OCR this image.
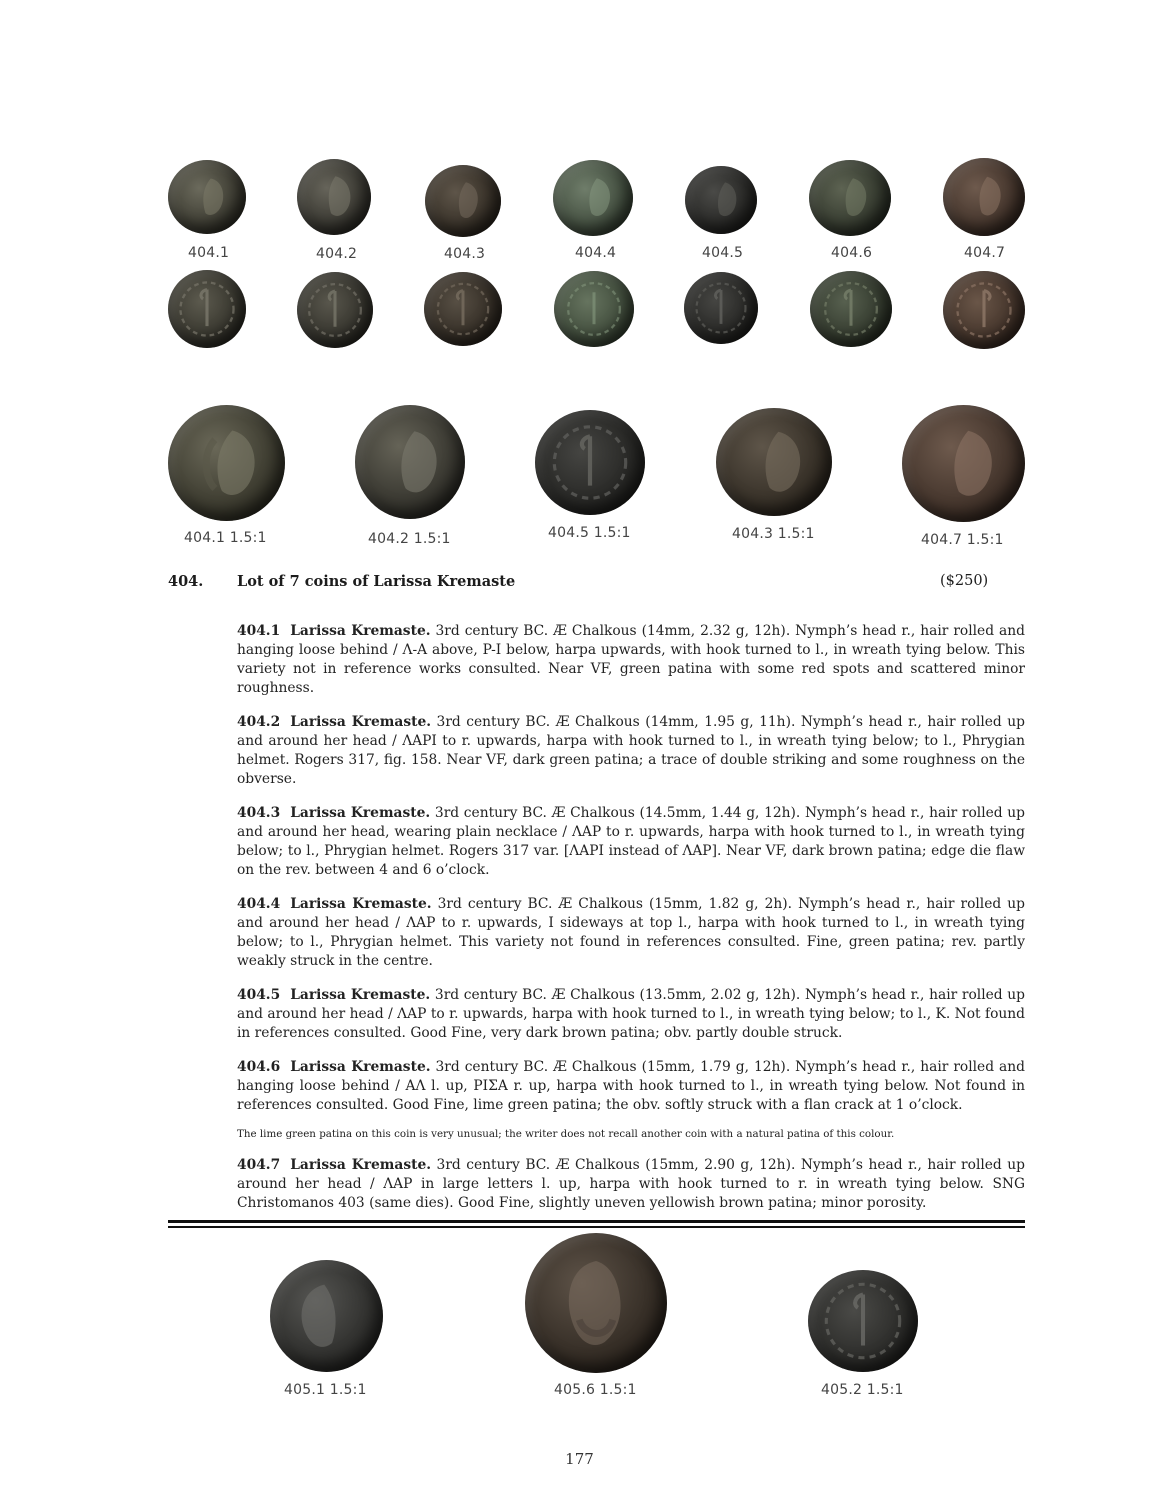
404.1	404.2	404.3	404.4	404.5	404.6	404.7
404.1 1.5:1	404.2 1.5:1	404.5 1.5:1	404.3 1.5:1	404.7 1.5:1
404. Lot of 7 coins of Larissa Kremaste	($250)

404.1 Larissa Kremaste. 3rd century BC. Æ Chalkous (14mm, 2.32 g, 12h). Nymph’s head r., hair rolled and hanging loose behind / Λ-A above, P-I below, harpa upwards, with hook turned to l., in wreath tying below. This variety not in reference works consulted. Near VF, green patina with some red spots and scattered minor roughness.

404.2 Larissa Kremaste. 3rd century BC. Æ Chalkous (14mm, 1.95 g, 11h). Nymph’s head r., hair rolled up and around her head / ΛAPI to r. upwards, harpa with hook turned to l., in wreath tying below; to l., Phrygian helmet. Rogers 317, fig. 158. Near VF, dark green patina; a trace of double striking and some roughness on the obverse.

404.3 Larissa Kremaste. 3rd century BC. Æ Chalkous (14.5mm, 1.44 g, 12h). Nymph’s head r., hair rolled up and around her head, wearing plain necklace / ΛAP to r. upwards, harpa with hook turned to l., in wreath tying below; to l., Phrygian helmet. Rogers 317 var. [ΛAPI instead of ΛAP]. Near VF, dark brown patina; edge die flaw on the rev. between 4 and 6 o’clock.

404.4 Larissa Kremaste. 3rd century BC. Æ Chalkous (15mm, 1.82 g, 2h). Nymph’s head r., hair rolled up and around her head / ΛAP to r. upwards, I sideways at top l., harpa with hook turned to l., in wreath tying below; to l., Phrygian helmet. This variety not found in references consulted. Fine, green patina; rev. partly weakly struck in the centre.

404.5 Larissa Kremaste. 3rd century BC. Æ Chalkous (13.5mm, 2.02 g, 12h). Nymph’s head r., hair rolled up and around her head / ΛAP to r. upwards, harpa with hook turned to l., in wreath tying below; to l., K. Not found in references consulted. Good Fine, very dark brown patina; obv. partly double struck.

404.6 Larissa Kremaste. 3rd century BC. Æ Chalkous (15mm, 1.79 g, 12h). Nymph’s head r., hair rolled and hanging loose behind / AΛ l. up, PIΣA r. up, harpa with hook turned to l., in wreath tying below. Not found in references consulted. Good Fine, lime green patina; the obv. softly struck with a flan crack at 1 o’clock.

The lime green patina on this coin is very unusual; the writer does not recall another coin with a natural patina of this colour.

404.7 Larissa Kremaste. 3rd century BC. Æ Chalkous (15mm, 2.90 g, 12h). Nymph’s head r., hair rolled up around her head / ΛAP in large letters l. up, harpa with hook turned to r. in wreath tying below. SNG Christomanos 403 (same dies). Good Fine, slightly uneven yellowish brown patina; minor porosity.

405.1 1.5:1	405.6 1.5:1	405.2 1.5:1
177
